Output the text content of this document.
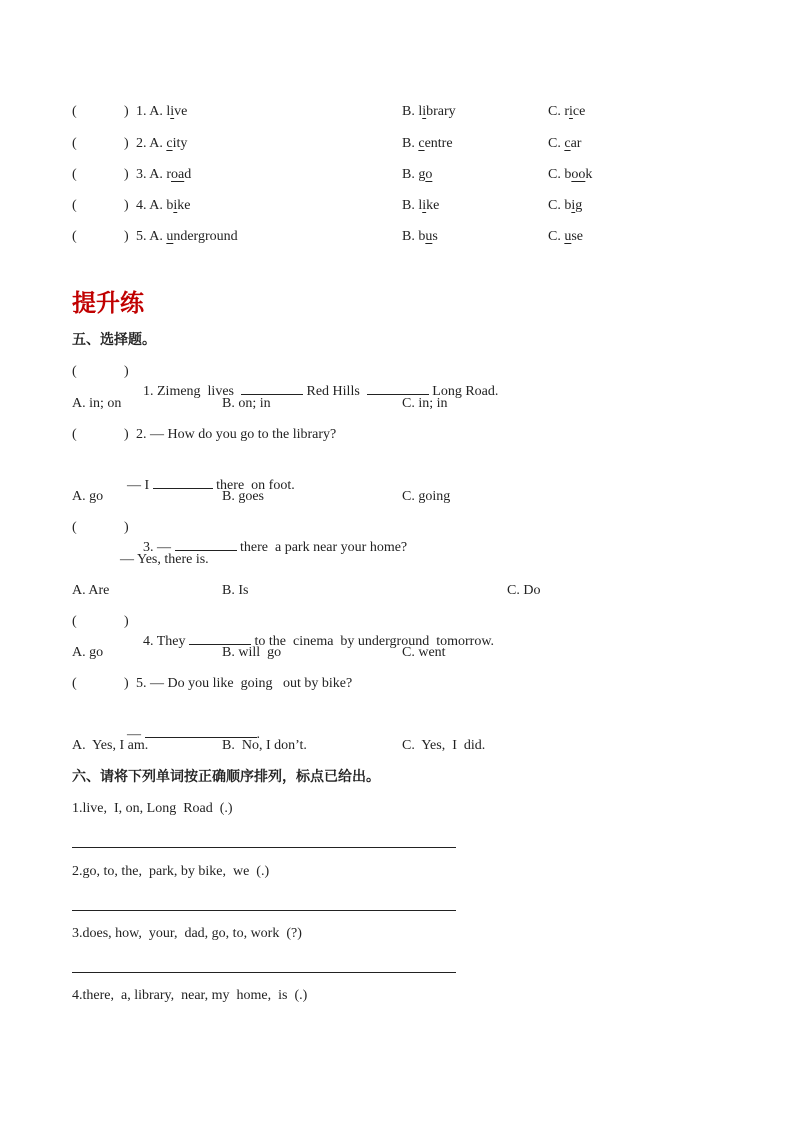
(	) 1. A. live	B. library	C. rice
(	) 2. A. city	B. centre	C. car
(	) 3. A. road	B. go	C. book
(	) 4. A. bike	B. like	C. big
(	) 5. A. underground	B. bus	C. use
提升练
五、选择题。
(	)

1. Zimeng  lives	Red Hills	Long Road.

A. in; on	B. on; in	C. in; in
(	) 2. — How do you go to the library?

— I	there  on foot.

A. go	B. goes	C. going
(	)

3. —	there  a park near your home?

— Yes, there is.
A. Are	B. Is	C. Do
(	)

4. They	to the  cinema  by underground  tomorrow.

A. go	B. will  go	C. went
(	) 5. — Do you like  going   out by bike?

—	.

A.  Yes, I am.	B.  No, I don’t.	C.  Yes,  I  did.
六、请将下列单词按正确顺序排列，标点已给出。
1.live,  I, on, Long  Road  (.)
2.go, to, the,  park, by bike,  we  (.)
3.does, how,  your,  dad, go, to, work  (?)
4.there,  a, library,  near, my  home,  is  (.)
